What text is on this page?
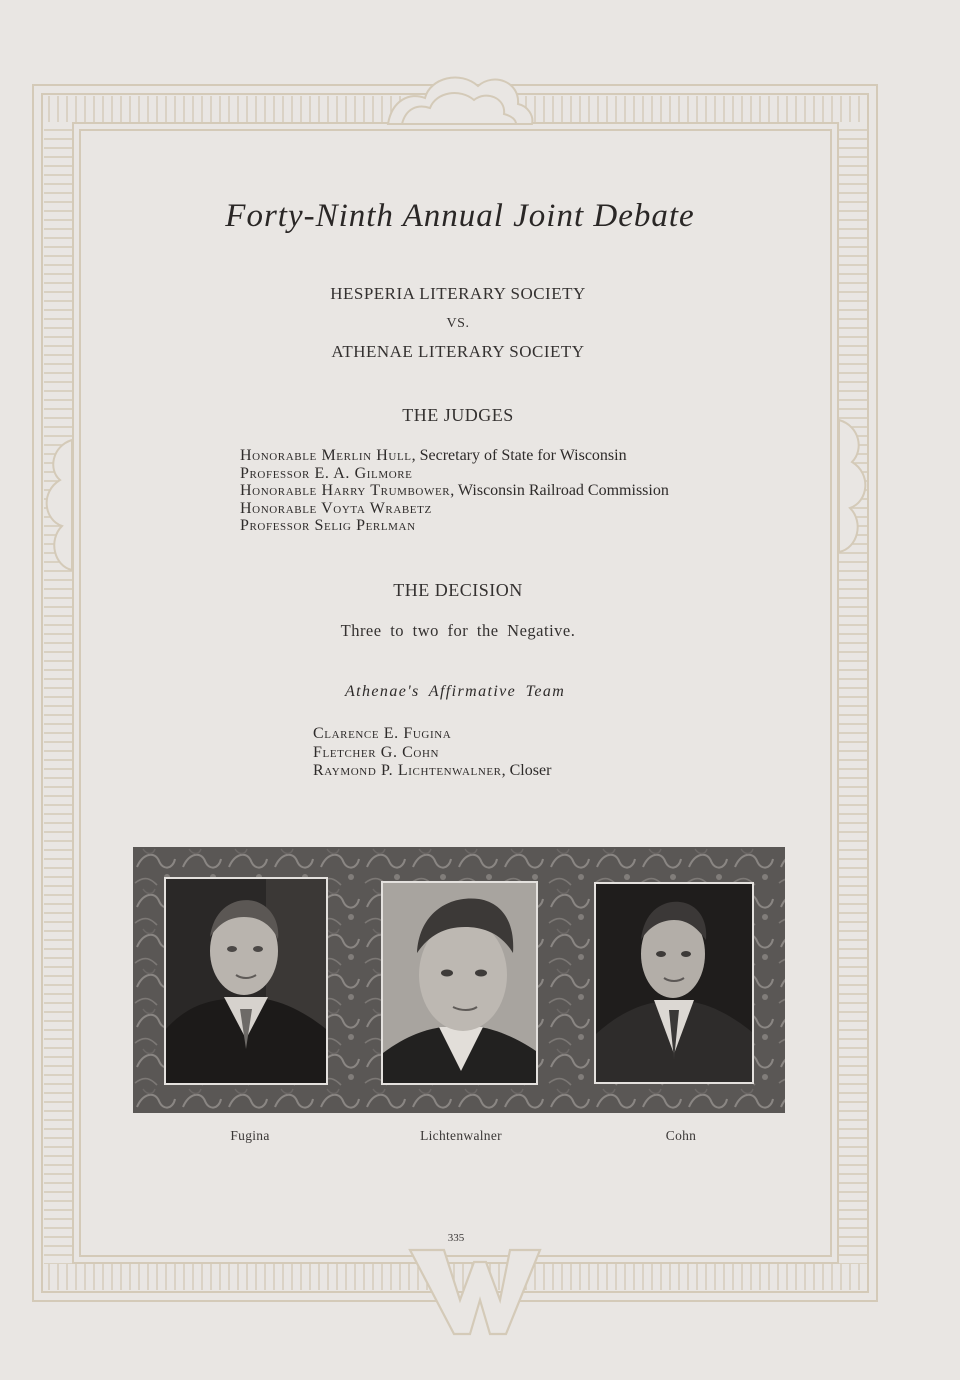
Forty-Ninth Annual Joint Debate
HESPERIA LITERARY SOCIETY
VS.
ATHENAE LITERARY SOCIETY
THE JUDGES
Honorable Merlin Hull, Secretary of State for Wisconsin
Professor E. A. Gilmore
Honorable Harry Trumbower, Wisconsin Railroad Commission
Honorable Voyta Wrabetz
Professor Selig Perlman
THE DECISION
Three to two for the Negative.
Athenae's Affirmative Team
Clarence E. Fugina
Fletcher G. Cohn
Raymond P. Lichtenwalner, Closer
Fugina	Lichtenwalner	Cohn
335
